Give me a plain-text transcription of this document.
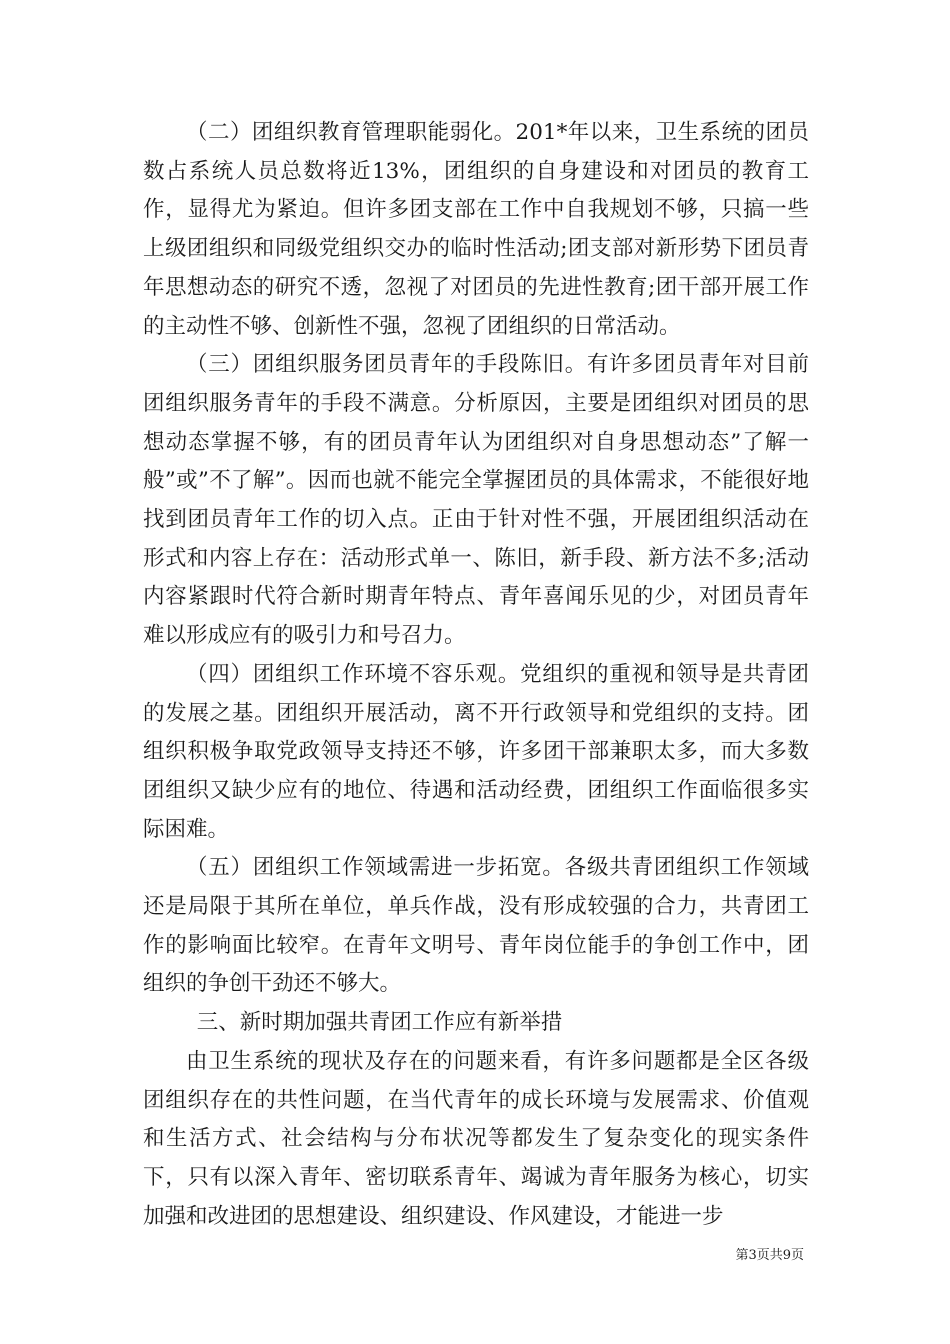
（二）团组织教育管理职能弱化。201*年以来，卫生系统的团员数占系统人员总数将近13%，团组织的自身建设和对团员的教育工作，显得尤为紧迫。但许多团支部在工作中自我规划不够，只搞一些上级团组织和同级党组织交办的临时性活动;团支部对新形势下团员青年思想动态的研究不透，忽视了对团员的先进性教育;团干部开展工作的主动性不够、创新性不强，忽视了团组织的日常活动。

（三）团组织服务团员青年的手段陈旧。有许多团员青年对目前团组织服务青年的手段不满意。分析原因，主要是团组织对团员的思想动态掌握不够，有的团员青年认为团组织对自身思想动态”了解一般”或”不了解”。因而也就不能完全掌握团员的具体需求，不能很好地找到团员青年工作的切入点。正由于针对性不强，开展团组织活动在形式和内容上存在：活动形式单一、陈旧，新手段、新方法不多;活动内容紧跟时代符合新时期青年特点、青年喜闻乐见的少，对团员青年难以形成应有的吸引力和号召力。

（四）团组织工作环境不容乐观。党组织的重视和领导是共青团的发展之基。团组织开展活动，离不开行政领导和党组织的支持。团组织积极争取党政领导支持还不够，许多团干部兼职太多，而大多数团组织又缺少应有的地位、待遇和活动经费，团组织工作面临很多实际困难。

（五）团组织工作领域需进一步拓宽。各级共青团组织工作领域还是局限于其所在单位，单兵作战，没有形成较强的合力，共青团工作的影响面比较窄。在青年文明号、青年岗位能手的争创工作中，团组织的争创干劲还不够大。

三、新时期加强共青团工作应有新举措

由卫生系统的现状及存在的问题来看，有许多问题都是全区各级团组织存在的共性问题，在当代青年的成长环境与发展需求、价值观和生活方式、社会结构与分布状况等都发生了复杂变化的现实条件下，只有以深入青年、密切联系青年、竭诚为青年服务为核心，切实加强和改进团的思想建设、组织建设、作风建设，才能进一步

第3页共9页
